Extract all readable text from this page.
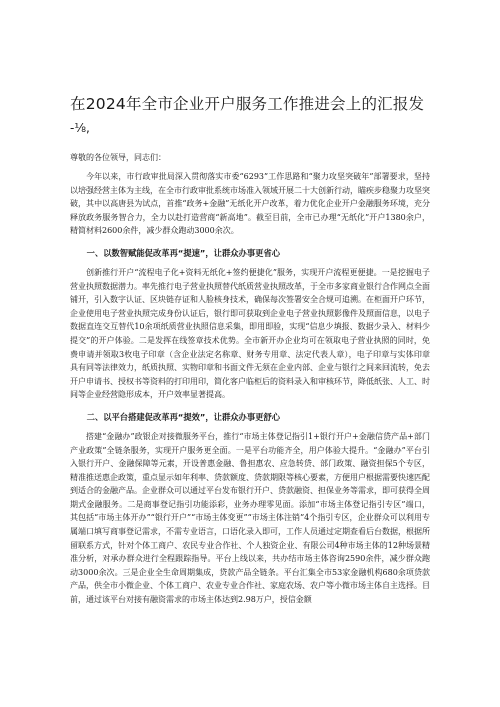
在2024年全市企业开户服务工作推进会上的汇报发
-⅛,
尊敬的各位领导，同志们：

今年以来，市行政审批局深入贯彻落实市委“6293”工作思路和“聚力攻坚突破年”部署要求，坚持以培强经营主体为主线，在全市行政审批系统市场准入领域开展二十大创新行动，瞄疾步稳聚力攻坚突破，其中以高唐县为试点，首推“政务+金融”无纸化开户改革，着力优化企业开户金融服务环境，充分释放政务服务智合力，全力以赴打造营商“新高地”。截至目前，全市已办理“无纸化”开户1380余户，精简材料2600余件，减少群众跑动3000余次。

一、以数智赋能促改革再“提速”，让群众办事更省心

创新推行开户“流程电子化+资料无纸化+签约便捷化”服务，实现开户流程更便捷。一是挖掘电子营业执照数据潜力。率先推行电子营业执照替代纸质营业执照改革，于全市多家商业银行合作网点全面铺开，引入数字认证、区块链存证和人脸核身技术，确保每次签署安全合规可追溯。在柜面开户环节，企业使用电子营业执照完成身份认证后，银行即可获取到企业电子营业执照影像件及照面信息，以电子数据直连交互替代10余项纸质营业执照信息采集，即用即验，实现“信息少填报、数据少录入、材料少提交”的开户体验。二是发挥在线签章技术优势。全市新开办企业均可在领取电子营业执照的同时，免费申请并领取3枚电子印章（含企业法定名称章、财务专用章、法定代表人章），电子印章与实体印章具有同等法律效力，纸质执照、实物印章和书面文件无须在企业内部、企业与银行之间来回流转，免去开户申请书、授权书等资料的打印用印，简化客户临柜后的资料录入和审核环节，降低纸张、人工、时间等企业经营隐形成本，开户效率显著提高。

二、以平台搭建促改革再“提效”，让群众办事更舒心

搭建“金融办”政银企对接微服务平台，推行“市场主体登记指引1+银行开户+金融信贷产品+部门产业政策”全链条服务，实现开户服务更全面。一是平台功能齐全，用户体验大提升。“金融办”平台引入银行开户、金融保障等元素，开设普惠金融、鲁担惠农、应急转贷、部门政策、融资担保5个专区，精准推送惠企政策，重点显示如年利率、贷款额度、贷款期限等核心要素，方便用户根据需要快速匹配到适合的金融产品。企业群众可以通过平台发布银行开户、贷款融资、担保业务等需求，即可获得全周期式金融服务。二是商事登记指引功能添彩，业务办理零见面。添加“市场主体登记指引专区”端口，其包括“市场主体开办”“银行开户”“市场主体变更”“市场主体注销”4个指引专区，企业群众可以利用专属端口填写商事登记需求，不需专业语言，口语化录入即可，工作人员通过定期查看后台数据，根据所留联系方式，针对个体工商户、农民专业合作社、个人独资企业、有限公司4种市场主体的12种场景精准分析，对承办群众进行全程跟踪指导。平台上线以来，共办结市场主体咨询2590余件，减少群众跑动3000余次。三是企业全生命周期集成，贷款产品全链条。平台汇集全市53家金融机构680余项贷款产品，供全市小微企业、个体工商户、农业专业合作社、家庭农场、农户等小微市场主体自主选择。目前，通过该平台对接有融资需求的市场主体达到2.98万户，授信金额
